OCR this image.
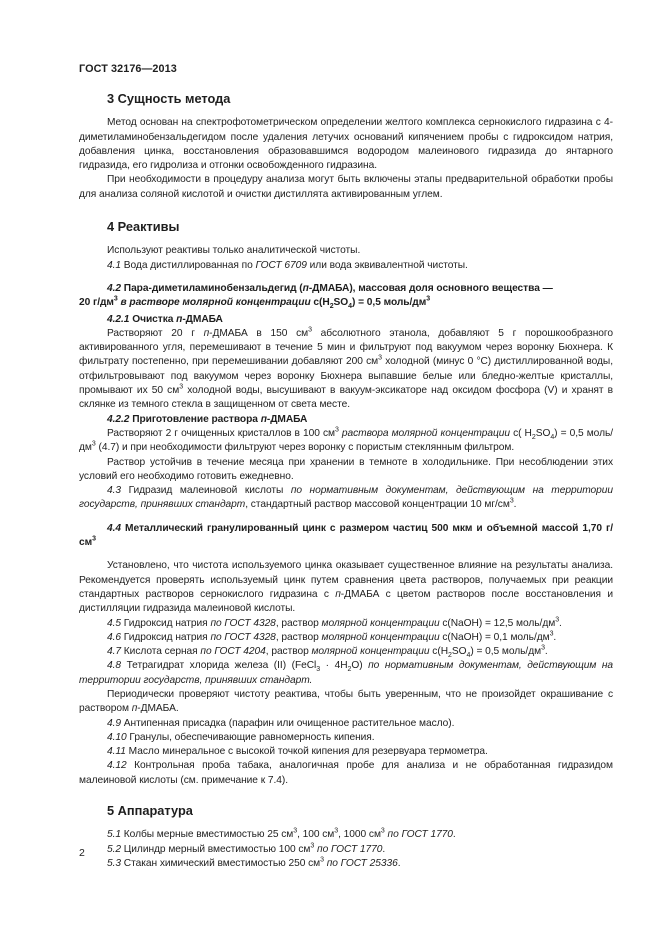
ГОСТ 32176—2013
3 Сущность метода

Метод основан на спектрофотометрическом определении желтого комплекса сернокислого гидразина с 4-диметиламинобензальдегидом после удаления летучих оснований кипячением пробы с гидроксидом натрия, добавления цинка, восстановления образовавшимся водородом малеинового гидразида до янтарного гидразида, его гидролиза и отгонки освобожденного гидразина.

При необходимости в процедуру анализа могут быть включены этапы предварительной обработки пробы для анализа соляной кислотой и очистки дистиллята активированным углем.

4 Реактивы

Используют реактивы только аналитической чистоты.

4.1 Вода дистиллированная по ГОСТ 6709 или вода эквивалентной чистоты.

4.2 Пара-диметиламинобензальдегид (п-ДМАБА), массовая доля основного вещества —
20 $г/дм^3$ в растворе молярной концентрации $с(H_2SO_4) = 0,5$ моль/$дм^3$

4.2.1 Очистка п-ДМАБА

Растворяют 20 г п-ДМАБА в 150 $см^3$ абсолютного этанола, добавляют 5 г порошкообразного активированного угля, перемешивают в течение 5 мин и фильтруют под вакуумом через воронку Бюхнера. К фильтрату постепенно, при перемешивании добавляют 200 $см^3$ холодной (минус 0 °С) дистиллированной воды, отфильтровывают под вакуумом через воронку Бюхнера выпавшие белые или бледно-желтые кристаллы, промывают их 50 $см^3$ холодной воды, высушивают в вакуум-эксикаторе над оксидом фосфора (V) и хранят в склянке из темного стекла в защищенном от света месте.

4.2.2 Приготовление раствора п-ДМАБА

Растворяют 2 г очищенных кристаллов в 100 $см^3$ раствора молярной концентрации с( $H_2SO_4) = 0,5$ моль/$дм^3$ (4.7) и при необходимости фильтруют через воронку с пористым стеклянным фильтром.

Раствор устойчив в течение месяца при хранении в темноте в холодильнике. При несоблюдении этих условий его необходимо готовить ежедневно.

4.3 Гидразид малеиновой кислоты по нормативным документам, действующим на территории государств, принявших стандарт, стандартный раствор массовой концентрации 10 $мг/см^3$.

4.4 Металлический гранулированный цинк с размером частиц 500 мкм и объемной массой 1,70 $г/см^3$

Установлено, что чистота используемого цинка оказывает существенное влияние на результаты анализа. Рекомендуется проверять используемый цинк путем сравнения цвета растворов, получаемых при реакции стандартных растворов сернокислого гидразина с п-ДМАБА с цветом растворов после восстановления и дистилляции гидразида малеиновой кислоты.

4.5 Гидроксид натрия по ГОСТ 4328, раствор молярной концентрации с(NaOH) = 12,5 моль/$дм^3$.

4.6 Гидроксид натрия по ГОСТ 4328, раствор молярной концентрации с(NaOH) = 0,1 моль/$дм^3$.

4.7 Кислота серная по ГОСТ 4204, раствор молярной концентрации $с(H_2SO_4) = 0,5$ моль/$дм^3$.

4.8 Тетрагидрат хлорида железа (II) (FeCl$_3$ · $4H_2O$) по нормативным документам, действующим на территории государств, принявших стандарт.

Периодически проверяют чистоту реактива, чтобы быть уверенным, что не произойдет окрашивание с раствором п-ДМАБА.

4.9 Антипенная присадка (парафин или очищенное растительное масло).

4.10 Гранулы, обеспечивающие равномерность кипения.

4.11 Масло минеральное с высокой точкой кипения для резервуара термометра.

4.12 Контрольная проба табака, аналогичная пробе для анализа и не обработанная гидразидом малеиновой кислоты (см. примечание к 7.4).

5 Аппаратура

5.1 Колбы мерные вместимостью 25 $см^3$, 100 $см^3$, 1000 $см^3$ по ГОСТ 1770.

5.2 Цилиндр мерный вместимостью 100 $см^3$ по ГОСТ 1770.

5.3 Стакан химический вместимостью 250 $см^3$ по ГОСТ 25336.

2
